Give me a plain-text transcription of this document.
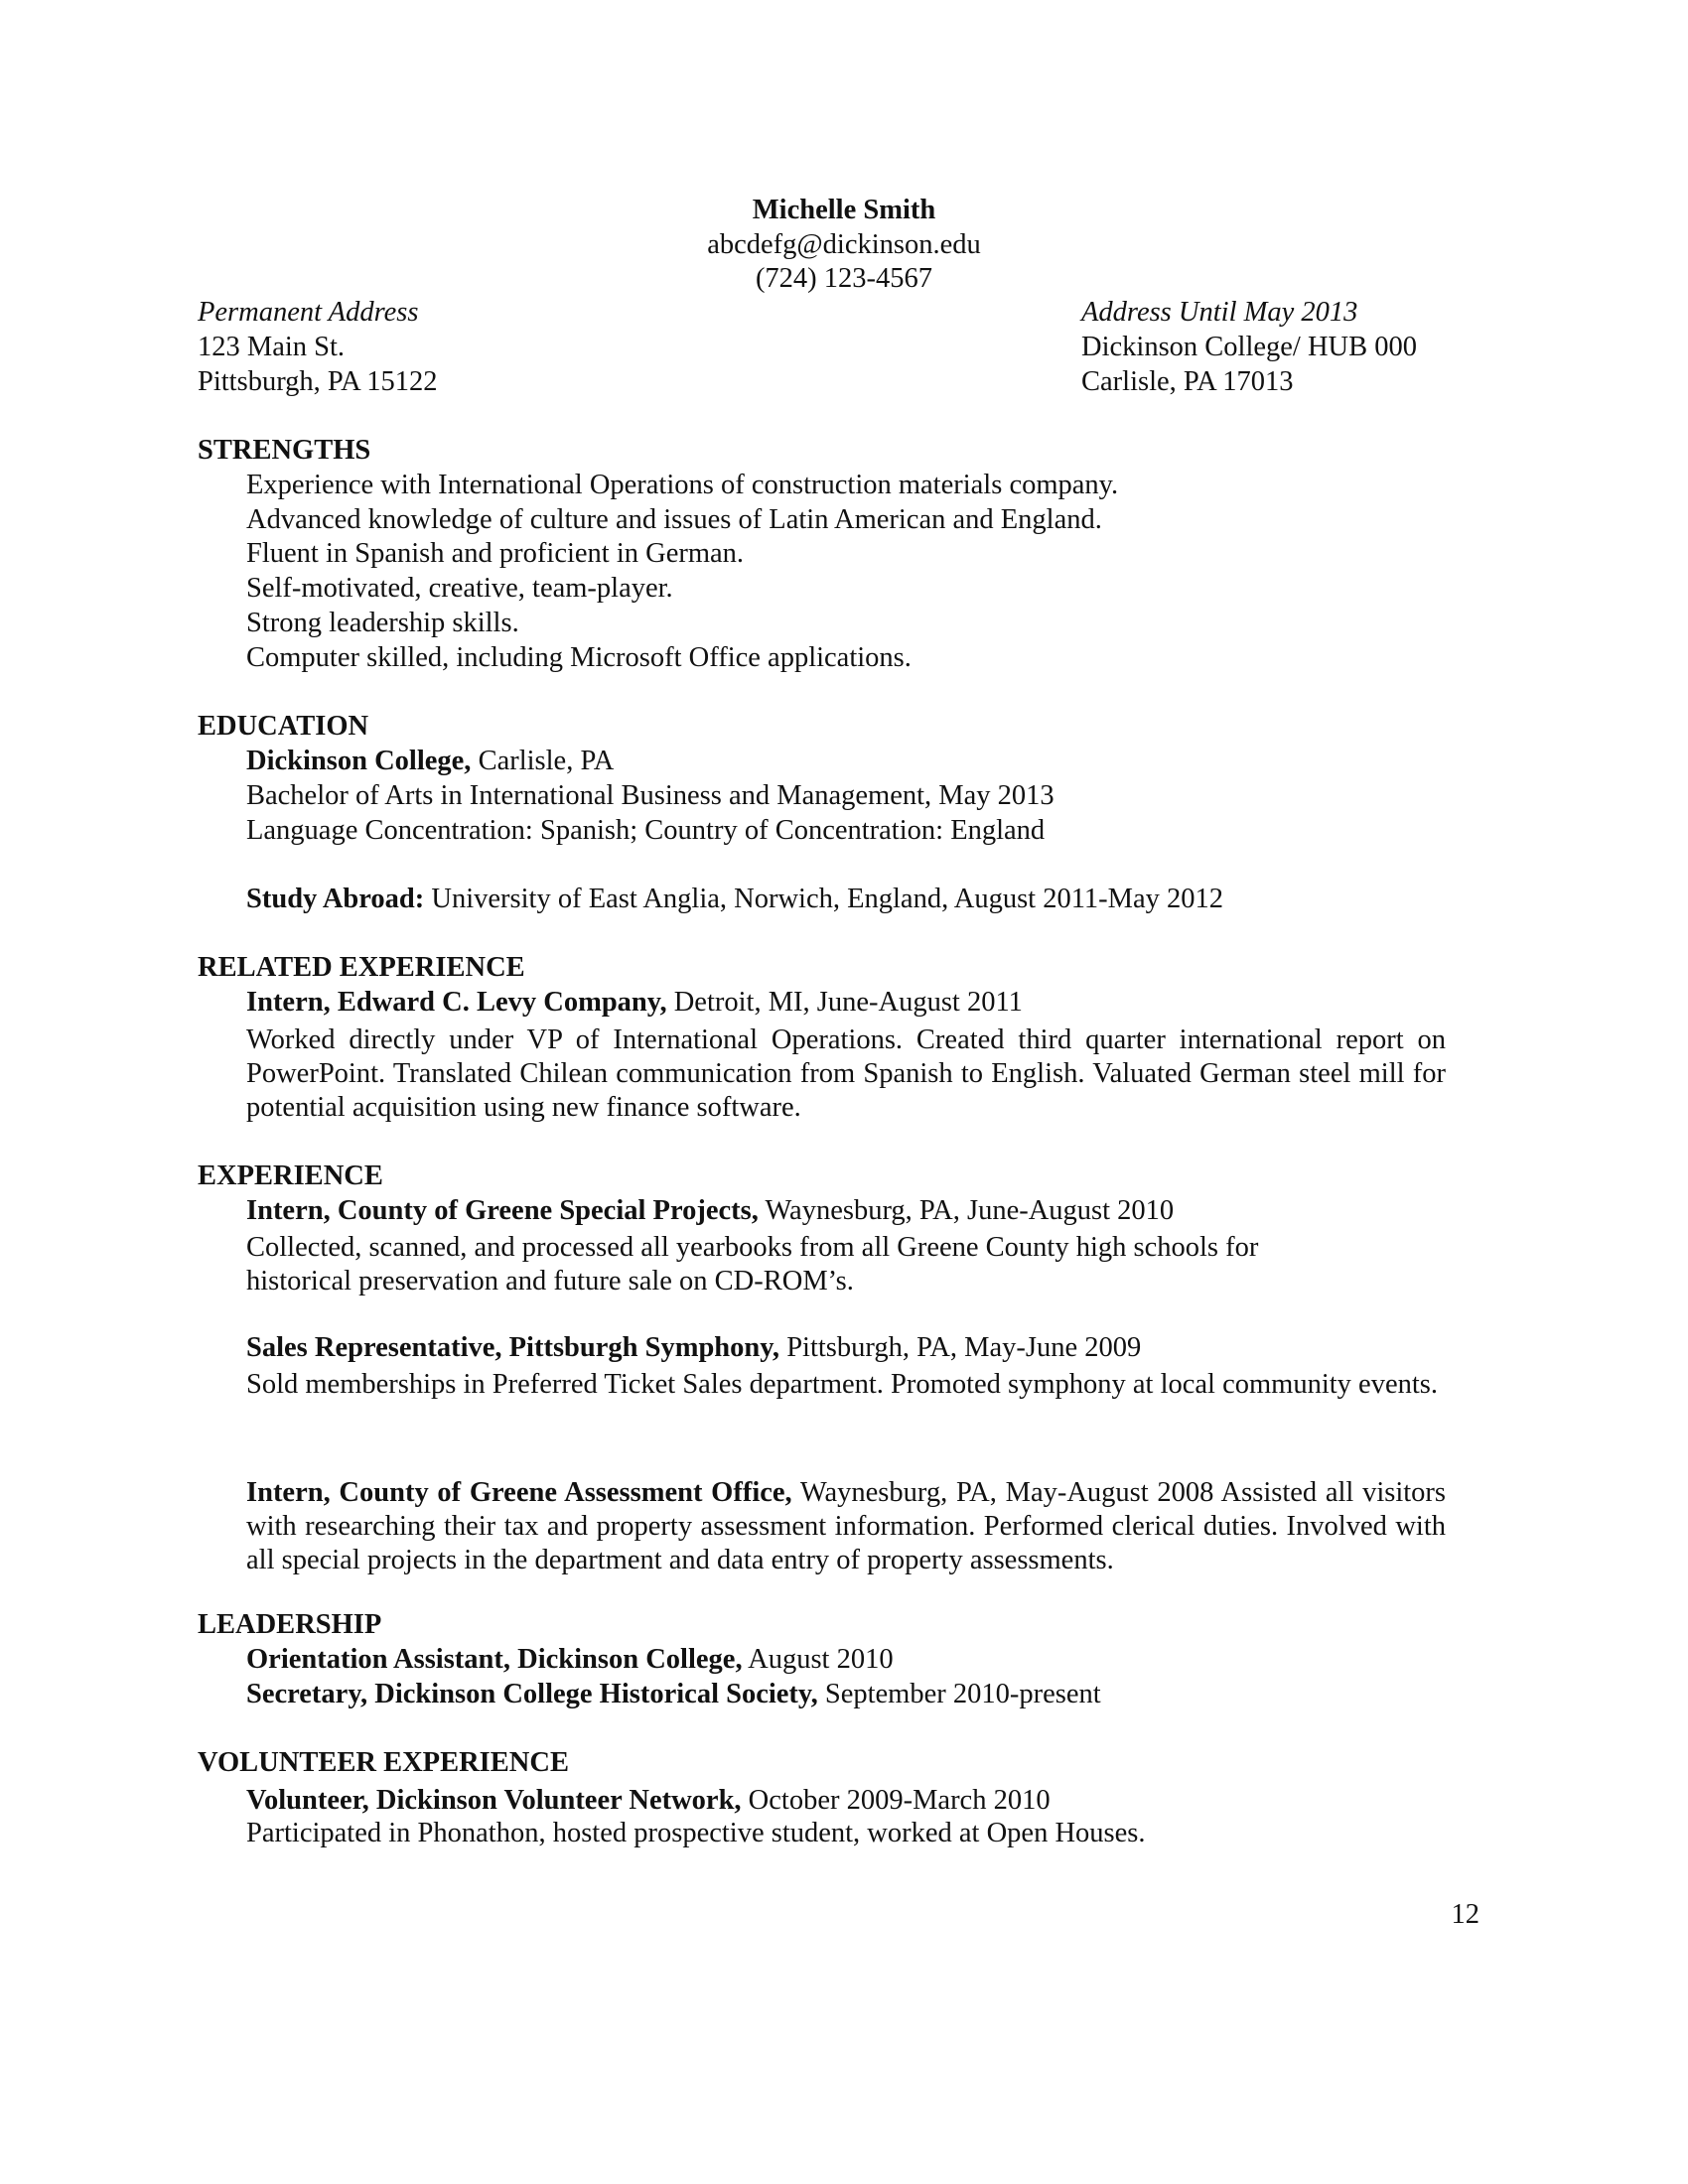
Michelle Smith
abcdefg@dickinson.edu
(724) 123-4567
Permanent Address
123 Main St.
Pittsburgh, PA 15122
Address Until May 2013
Dickinson College/ HUB 000
Carlisle, PA 17013
STRENGTHS
Experience with International Operations of construction materials company.
Advanced knowledge of culture and issues of Latin American and England.
Fluent in Spanish and proficient in German.
Self-motivated, creative, team-player.
Strong leadership skills.
Computer skilled, including Microsoft Office applications.
EDUCATION
Dickinson College, Carlisle, PA
Bachelor of Arts in International Business and Management, May 2013
Language Concentration: Spanish; Country of Concentration: England
Study Abroad: University of East Anglia, Norwich, England, August 2011-May 2012
RELATED EXPERIENCE
Intern, Edward C. Levy Company, Detroit, MI, June-August 2011
Worked directly under VP of International Operations. Created third quarter international report on PowerPoint. Translated Chilean communication from Spanish to English. Valuated German steel mill for potential acquisition using new finance software.
EXPERIENCE
Intern, County of Greene Special Projects, Waynesburg, PA, June-August 2010
Collected, scanned, and processed all yearbooks from all Greene County high schools for historical preservation and future sale on CD-ROM’s.
Sales Representative, Pittsburgh Symphony, Pittsburgh, PA, May-June 2009
Sold memberships in Preferred Ticket Sales department. Promoted symphony at local community events.
Intern, County of Greene Assessment Office, Waynesburg, PA, May-August 2008 Assisted all visitors with researching their tax and property assessment information. Performed clerical duties. Involved with all special projects in the department and data entry of property assessments.
LEADERSHIP
Orientation Assistant, Dickinson College, August 2010
Secretary, Dickinson College Historical Society, September 2010-present
VOLUNTEER EXPERIENCE
Volunteer, Dickinson Volunteer Network, October 2009-March 2010
Participated in Phonathon, hosted prospective student, worked at Open Houses.
12
